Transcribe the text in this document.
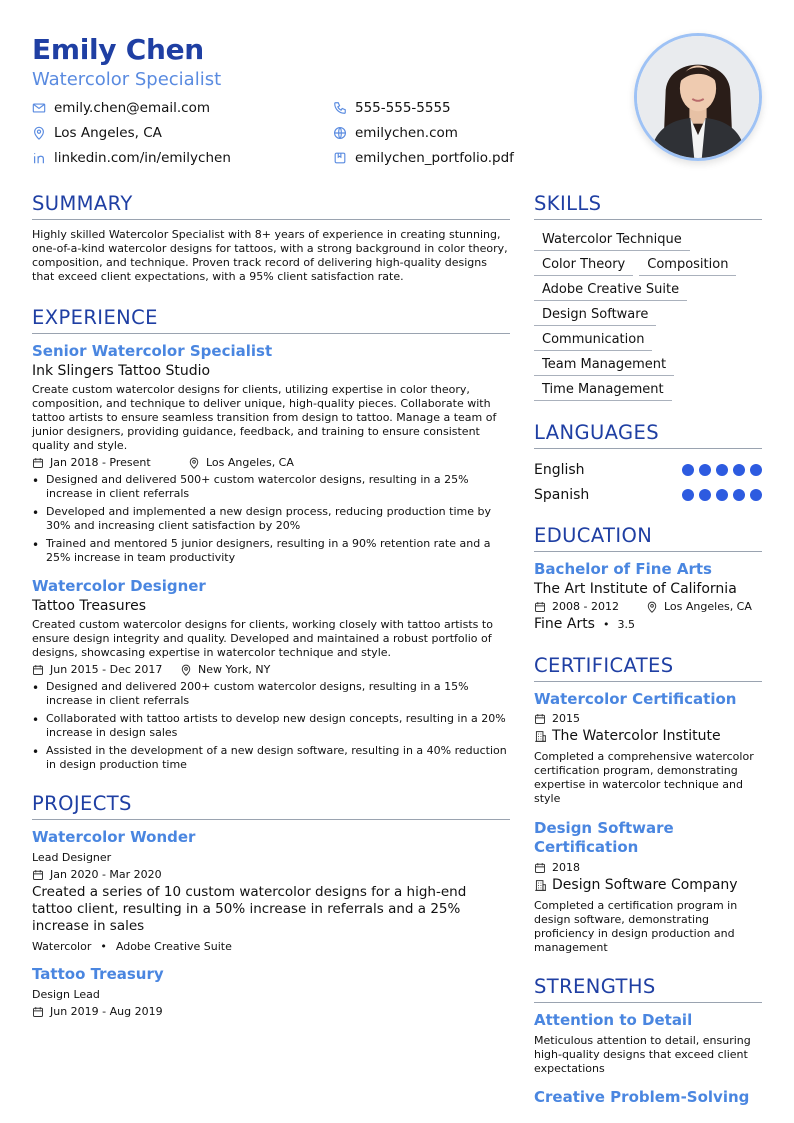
Emily Chen
Watercolor Specialist
emily.chen@email.com	555-555-5555
Los Angeles, CA	emilychen.com
linkedin.com/in/emilychen	emilychen_portfolio.pdf
SUMMARY
Highly skilled Watercolor Specialist with 8+ years of experience in creating stunning, one-of-a-kind watercolor designs for tattoos, with a strong background in color theory, composition, and technique. Proven track record of delivering high-quality designs that exceed client expectations, with a 95% client satisfaction rate.
EXPERIENCE
Senior Watercolor Specialist
Ink Slingers Tattoo Studio
Create custom watercolor designs for clients, utilizing expertise in color theory, composition, and technique to deliver unique, high-quality pieces. Collaborate with tattoo artists to ensure seamless transition from design to tattoo. Manage a team of junior designers, providing guidance, feedback, and training to ensure consistent quality and style.
Jan 2018 - Present	Los Angeles, CA
• Designed and delivered 500+ custom watercolor designs, resulting in a 25% increase in client referrals
• Developed and implemented a new design process, reducing production time by 30% and increasing client satisfaction by 20%
• Trained and mentored 5 junior designers, resulting in a 90% retention rate and a 25% increase in team productivity
Watercolor Designer
Tattoo Treasures
Created custom watercolor designs for clients, working closely with tattoo artists to ensure design integrity and quality. Developed and maintained a robust portfolio of designs, showcasing expertise in watercolor technique and style.
Jun 2015 - Dec 2017	New York, NY
• Designed and delivered 200+ custom watercolor designs, resulting in a 15% increase in client referrals
• Collaborated with tattoo artists to develop new design concepts, resulting in a 20% increase in design sales
• Assisted in the development of a new design software, resulting in a 40% reduction in design production time
PROJECTS
Watercolor Wonder
Lead Designer
Jan 2020 - Mar 2020
Created a series of 10 custom watercolor designs for a high-end tattoo client, resulting in a 50% increase in referrals and a 25% increase in sales
Watercolor • Adobe Creative Suite
Tattoo Treasury
Design Lead
Jun 2019 - Aug 2019
SKILLS
Watercolor Technique
Color Theory Composition
Adobe Creative Suite
Design Software
Communication
Team Management
Time Management
LANGUAGES
English
Spanish
EDUCATION
Bachelor of Fine Arts
The Art Institute of California
2008 - 2012	Los Angeles, CA
Fine Arts • 3.5
CERTIFICATES
Watercolor Certification
2015
The Watercolor Institute
Completed a comprehensive watercolor certification program, demonstrating expertise in watercolor technique and style
Design Software Certification
2018
Design Software Company
Completed a certification program in design software, demonstrating proficiency in design production and management
STRENGTHS
Attention to Detail
Meticulous attention to detail, ensuring high-quality designs that exceed client expectations
Creative Problem-Solving
